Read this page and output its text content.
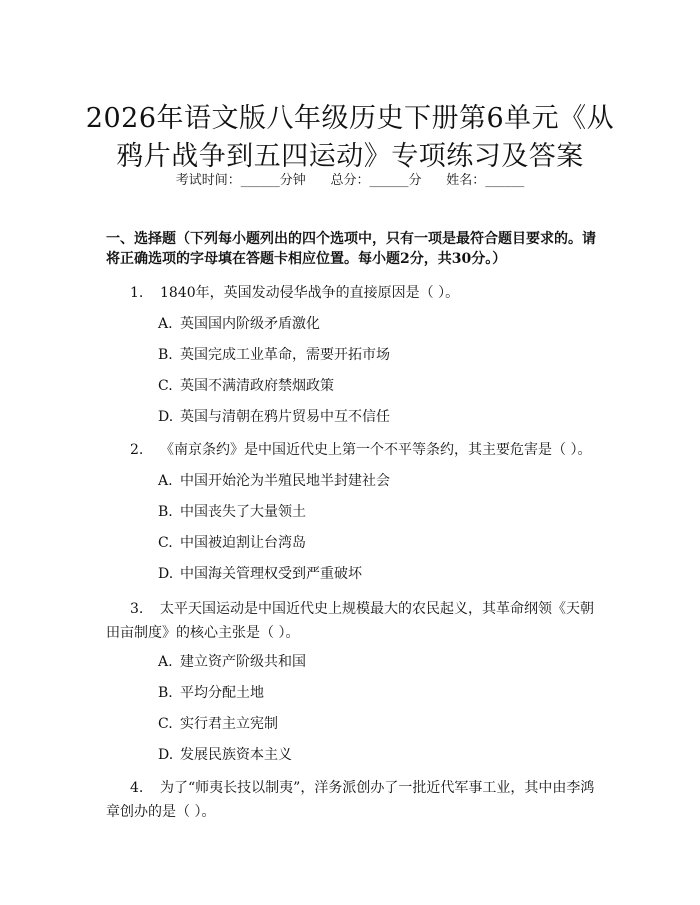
2026年语文版八年级历史下册第6单元《从
鸦片战争到五四运动》专项练习及答案
考试时间：______分钟      总分：______分      姓名：______
一、选择题（下列每小题列出的四个选项中，只有一项是最符合题目要求的。请将正确选项的字母填在答题卡相应位置。每小题2分，共30分。）
1. 1840年，英国发动侵华战争的直接原因是（ ）。
A. 英国国内阶级矛盾激化
B. 英国完成工业革命，需要开拓市场
C. 英国不满清政府禁烟政策
D. 英国与清朝在鸦片贸易中互不信任
2. 《南京条约》是中国近代史上第一个不平等条约，其主要危害是（ ）。
A. 中国开始沦为半殖民地半封建社会
B. 中国丧失了大量领土
C. 中国被迫割让台湾岛
D. 中国海关管理权受到严重破坏
3. 太平天国运动是中国近代史上规模最大的农民起义，其革命纲领《天朝田亩制度》的核心主张是（ ）。
A. 建立资产阶级共和国
B. 平均分配土地
C. 实行君主立宪制
D. 发展民族资本主义
4. 为了“师夷长技以制夷”，洋务派创办了一批近代军事工业，其中由李鸿章创办的是（ ）。
